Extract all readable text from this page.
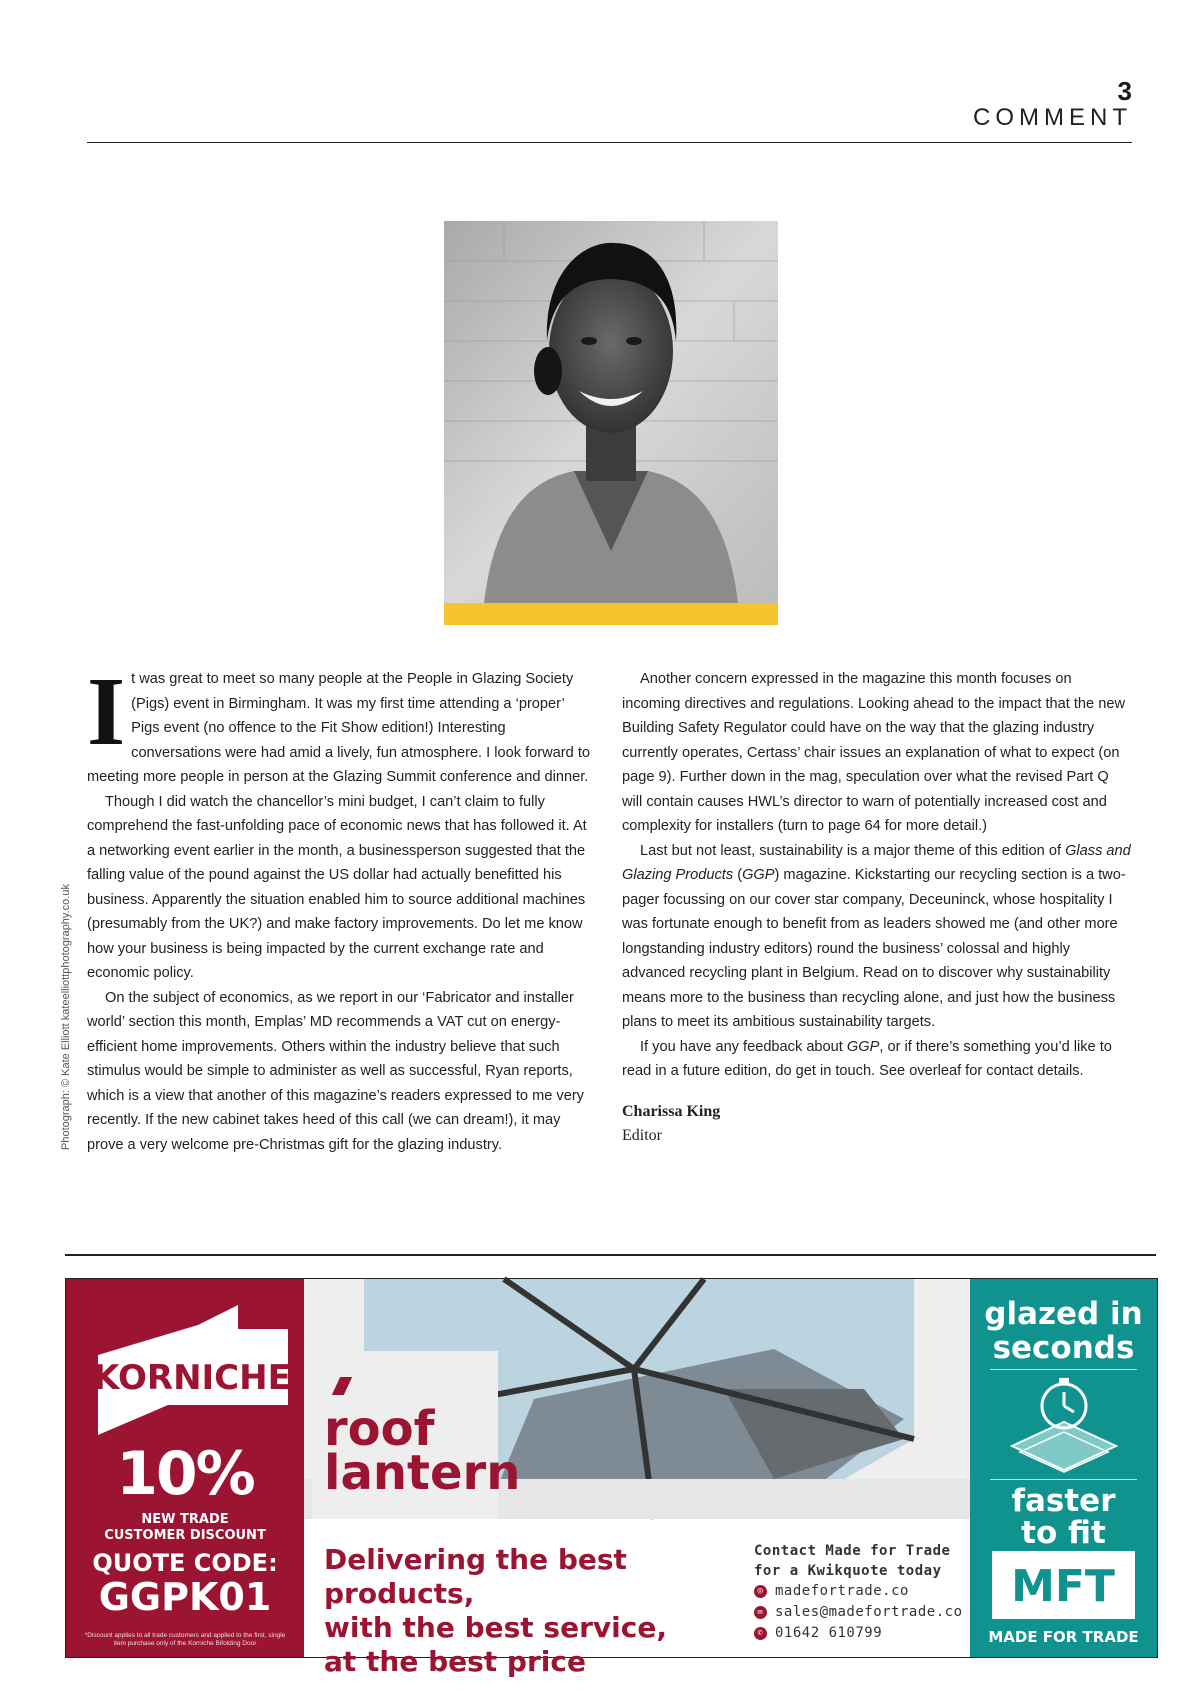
3
COMMENT
Photograph: © Kate Elliott kateelliottphotography.co.uk

It was great to meet so many people at the People in Glazing Society (Pigs) event in Birmingham. It was my first time attending a ‘proper’ Pigs event (no offence to the Fit Show edition!) Interesting conversations were had amid a lively, fun atmosphere. I look forward to meeting more people in person at the Glazing Summit conference and dinner.

Though I did watch the chancellor’s mini budget, I can’t claim to fully comprehend the fast-unfolding pace of economic news that has followed it. At a networking event earlier in the month, a businessperson suggested that the falling value of the pound against the US dollar had actually benefitted his business. Apparently the situation enabled him to source additional machines (presumably from the UK?) and make factory improvements. Do let me know how your business is being impacted by the current exchange rate and economic policy.

On the subject of economics, as we report in our ‘Fabricator and installer world’ section this month, Emplas’ MD recommends a VAT cut on energy-efficient home improvements. Others within the industry believe that such stimulus would be simple to administer as well as successful, Ryan reports, which is a view that another of this magazine’s readers expressed to me very recently. If the new cabinet takes heed of this call (we can dream!), it may prove a very welcome pre-Christmas gift for the glazing industry.

Another concern expressed in the magazine this month focuses on incoming directives and regulations. Looking ahead to the impact that the new Building Safety Regulator could have on the way that the glazing industry currently operates, Certass’ chair issues an explanation of what to expect (on page 9). Further down in the mag, speculation over what the revised Part Q will contain causes HWL’s director to warn of potentially increased cost and complexity for installers (turn to page 64 for more detail.)

Last but not least, sustainability is a major theme of this edition of Glass and Glazing Products (GGP) magazine. Kickstarting our recycling section is a two-pager focussing on our cover star company, Deceuninck, whose hospitality I was fortunate enough to benefit from as leaders showed me (and other more longstanding industry editors) round the business’ colossal and highly advanced recycling plant in Belgium. Read on to discover why sustainability means more to the business than recycling alone, and just how the business plans to meet its ambitious sustainability targets.

If you have any feedback about GGP, or if there’s something you’d like to read in a future edition, do get in touch. See overleaf for contact details.

Charissa King

Editor

KORNICHE
10%
NEW TRADE
CUSTOMER DISCOUNT
QUOTE CODE:
GGPK01
*Discount applies to all trade customers and applied to the first, single item purchase only of the Korniche Bifolding Door
roof
lantern
Delivering the best products,
with the best service,
at the best price
Contact Made for Trade
for a Kwikquote today
◎ madefortrade.co
✉ sales@madefortrade.co
✆ 01642 610799
glazed in
seconds
faster
to fit
MFT
MADE FOR TRADE
